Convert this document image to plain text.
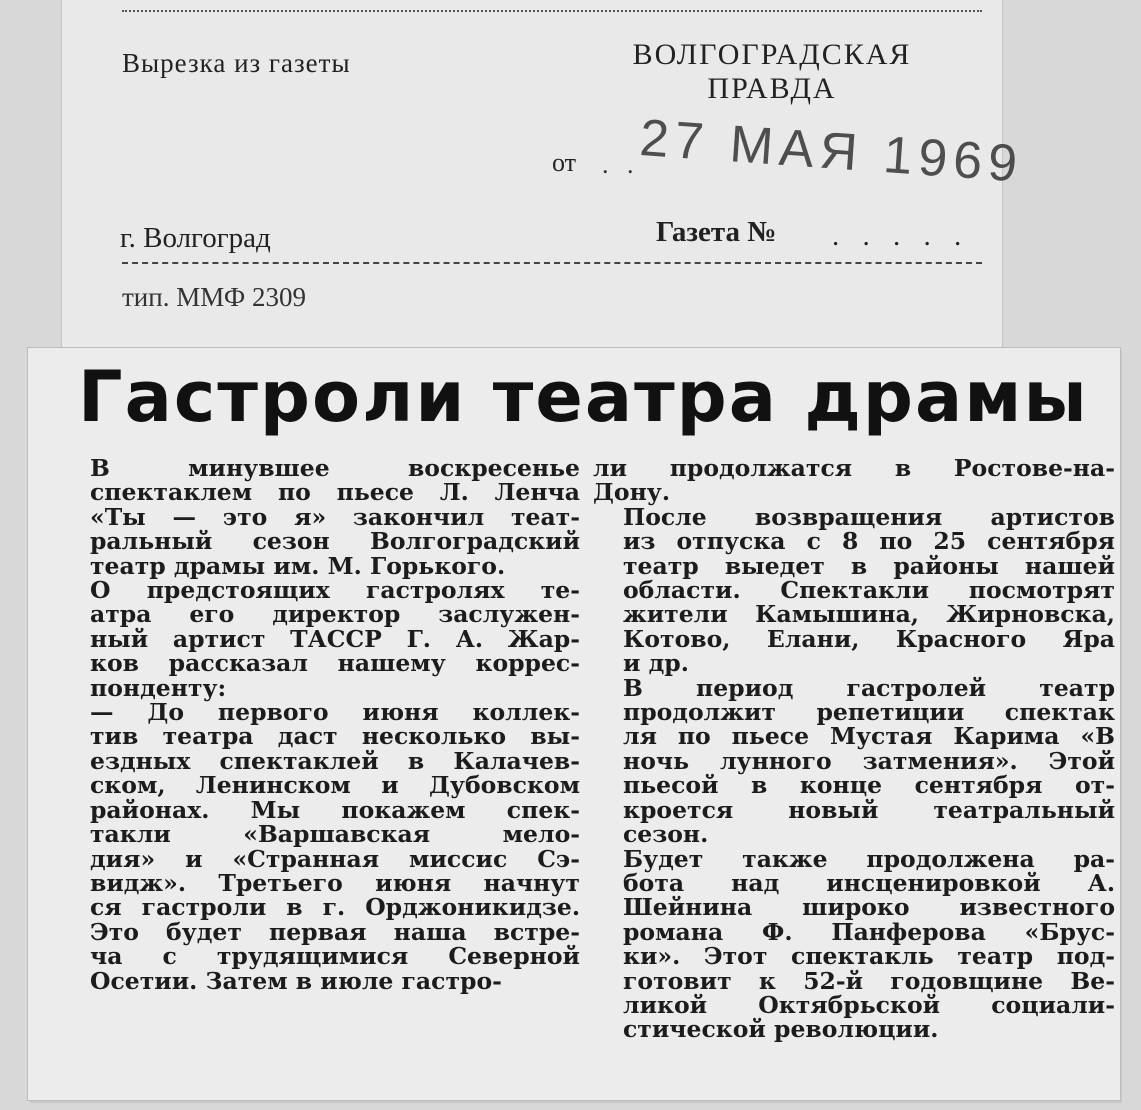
Вырезка из газеты	ВОЛГОГРАДСКАЯ
ПРАВДА
от . .
27 МАЯ 1969
г. Волгоград	Газета № . . . . .
тип. ММФ 2309
Гастроли театра драмы

В минувшее воскресенье
спектаклем по пьесе Л. Ленча
«Ты — это я» закончил теат-
ральный сезон Волгоградский
театр драмы им. М. Горького.

О предстоящих гастролях те-
атра его директор заслужен-
ный артист ТАССР Г. А. Жар-
ков рассказал нашему коррес-
понденту:

— До первого июня коллек-
тив театра даст несколько вы-
ездных спектаклей в Калачев-
ском, Ленинском и Дубовском
районах. Мы покажем спек-
такли «Варшавская мело-
дия» и «Странная миссис Сэ-
видж». Третьего июня начнут
ся гастроли в г. Орджоникидзе.
Это будет первая наша встре-
ча с трудящимися Северной
Осетии. Затем в июле гастро-

ли продолжатся в Ростове-на-
Дону.

После возвращения артистов
из отпуска с 8 по 25 сентября
театр выедет в районы нашей
области. Спектакли посмотрят
жители Камышина, Жирновска,
Котово, Елани, Красного Яра
и др.

В период гастролей театр
продолжит репетиции спектак
ля по пьесе Мустая Карима «В
ночь лунного затмения». Этой
пьесой в конце сентября от-
кроется новый театральный
сезон.

Будет также продолжена ра-
бота над инсценировкой А.
Шейнина широко известного
романа Ф. Панферова «Брус-
ки». Этот спектакль театр под-
готовит к 52-й годовщине Ве-
ликой Октябрьской социали-
стической революции.
